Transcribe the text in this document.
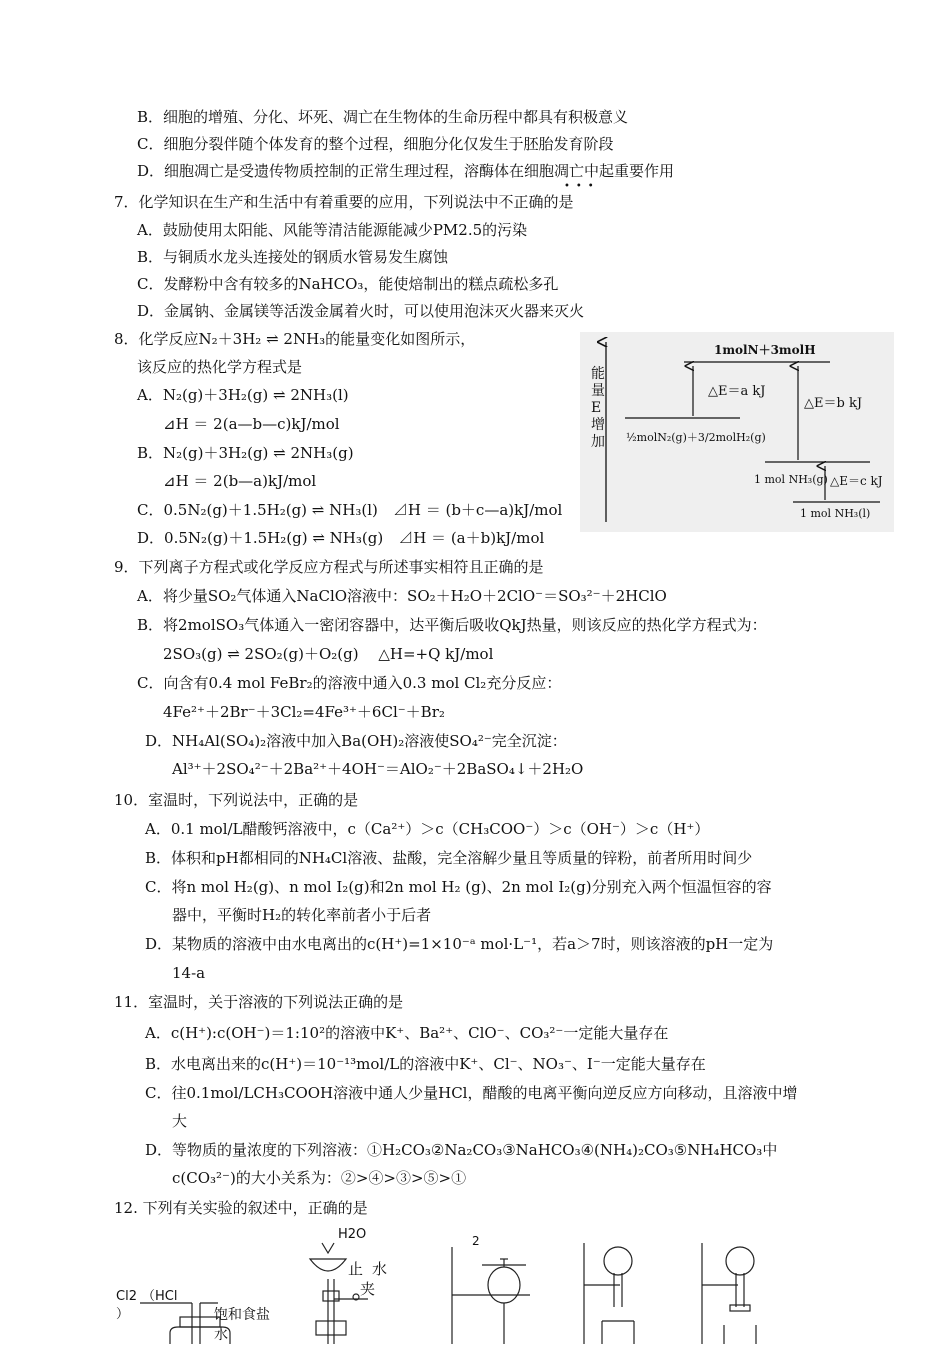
B．细胞的增殖、分化、坏死、凋亡在生物体的生命历程中都具有积极意义
C．细胞分裂伴随个体发育的整个过程，细胞分化仅发生于胚胎发育阶段
D．细胞凋亡是受遗传物质控制的正常生理过程，溶酶体在细胞凋亡中起重要作用
•••
7．化学知识在生产和生活中有着重要的应用，下列说法中不正确的是
A．鼓励使用太阳能、风能等清洁能源能减少PM2.5的污染
B．与铜质水龙头连接处的钢质水管易发生腐蚀
C．发酵粉中含有较多的NaHCO₃，能使焙制出的糕点疏松多孔
D．金属钠、金属镁等活泼金属着火时，可以使用泡沫灭火器来灭火
8．化学反应N₂＋3H₂ ⇌ 2NH₃的能量变化如图所示，
该反应的热化学方程式是
A．N₂(g)＋3H₂(g) ⇌ 2NH₃(l)
⊿H ＝ 2(a—b—c)kJ/mol
B．N₂(g)＋3H₂(g) ⇌ 2NH₃(g)
⊿H ＝ 2(b—a)kJ/mol
C．0.5N₂(g)＋1.5H₂(g) ⇌ NH₃(l)　⊿H ＝ (b＋c—a)kJ/mol
D．0.5N₂(g)＋1.5H₂(g) ⇌ NH₃(g)　⊿H ＝ (a＋b)kJ/mol
能量E增加
1molN＋3molH
△E＝a kJ
△E＝b kJ
½molN₂(g)＋3/2molH₂(g)
1 mol NH₃(g) △E＝c kJ
1 mol NH₃(l)
9．下列离子方程式或化学反应方程式与所述事实相符且正确的是
A．将少量SO₂气体通入NaClO溶液中：SO₂＋H₂O＋2ClO⁻＝SO₃²⁻＋2HClO
B．将2molSO₃气体通入一密闭容器中，达平衡后吸收QkJ热量，则该反应的热化学方程式为：
2SO₃(g) ⇌ 2SO₂(g)＋O₂(g)　 △H=+Q kJ/mol
C．向含有0.4 mol FeBr₂的溶液中通入0.3 mol Cl₂充分反应：
4Fe²⁺＋2Br⁻＋3Cl₂=4Fe³⁺＋6Cl⁻＋Br₂
D．NH₄Al(SO₄)₂溶液中加入Ba(OH)₂溶液使SO₄²⁻完全沉淀：
Al³⁺＋2SO₄²⁻＋2Ba²⁺＋4OH⁻＝AlO₂⁻＋2BaSO₄↓＋2H₂O
10．室温时，下列说法中，正确的是
A．0.1 mol/L醋酸钙溶液中，c（Ca²⁺）＞c（CH₃COO⁻）＞c（OH⁻）＞c（H⁺）
B．体积和pH都相同的NH₄Cl溶液、盐酸，完全溶解少量且等质量的锌粉，前者所用时间少
C．将n mol H₂(g)、n mol I₂(g)和2n mol H₂ (g)、2n mol I₂(g)分别充入两个恒温恒容的容
器中，平衡时H₂的转化率前者小于后者
D．某物质的溶液中由水电离出的c(H⁺)=1×10⁻ᵃ mol·L⁻¹，若a＞7时，则该溶液的pH一定为
14-a
11．室温时，关于溶液的下列说法正确的是
A．c(H⁺):c(OH⁻)＝1:10²的溶液中K⁺、Ba²⁺、ClO⁻、CO₃²⁻一定能大量存在
B．水电离出来的c(H⁺)＝10⁻¹³mol/L的溶液中K⁺、Cl⁻、NO₃⁻、I⁻一定能大量存在
C．往0.1mol/LCH₃COOH溶液中通人少量HCl，醋酸的电离平衡向逆反应方向移动，且溶液中增
大
D．等物质的量浓度的下列溶液：①H₂CO₃②Na₂CO₃③NaHCO₃④(NH₄)₂CO₃⑤NH₄HCO₃中
c(CO₃²⁻)的大小关系为：②>④>③>⑤>①
12. 下列有关实验的叙述中，正确的是
Cl2 （HCl
）	饱和食盐
水
H2O
止 水
夹
2
